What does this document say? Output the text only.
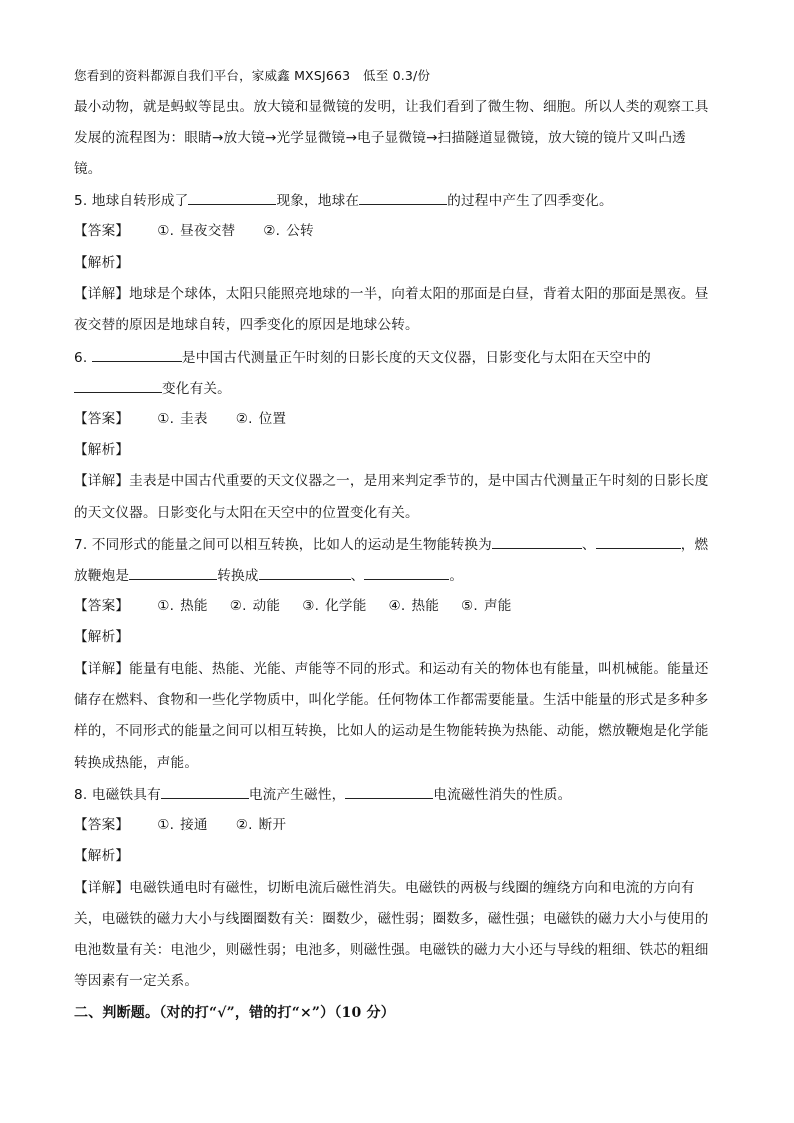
您看到的资料都源自我们平台，家威鑫 MXSJ663　低至 0.3/份
最小动物，就是蚂蚁等昆虫。放大镜和显微镜的发明，让我们看到了微生物、细胞。所以人类的观察工具
发展的流程图为：眼睛→放大镜→光学显微镜→电子显微镜→扫描隧道显微镜，放大镜的镜片又叫凸透
镜。
5. 地球自转形成了	现象，地球在	的过程中产生了四季变化。
【答案】 ①. 昼夜交替 ②. 公转
【解析】
【详解】地球是个球体，太阳只能照亮地球的一半，向着太阳的那面是白昼，背着太阳的那面是黑夜。昼
夜交替的原因是地球自转，四季变化的原因是地球公转。
6.	是中国古代测量正午时刻的日影长度的天文仪器，日影变化与太阳在天空中的
变化有关。
【答案】 ①. 圭表 ②. 位置
【解析】
【详解】圭表是中国古代重要的天文仪器之一，是用来判定季节的，是中国古代测量正午时刻的日影长度
的天文仪器。日影变化与太阳在天空中的位置变化有关。
7. 不同形式的能量之间可以相互转换，比如人的运动是生物能转换为	、	，燃
放鞭炮是	转换成	、	。
【答案】 ①. 热能 ②. 动能 ③. 化学能 ④. 热能 ⑤. 声能
【解析】
【详解】能量有电能、热能、光能、声能等不同的形式。和运动有关的物体也有能量，叫机械能。能量还
储存在燃料、食物和一些化学物质中，叫化学能。任何物体工作都需要能量。生活中能量的形式是多种多
样的，不同形式的能量之间可以相互转换，比如人的运动是生物能转换为热能、动能，燃放鞭炮是化学能
转换成热能，声能。
8. 电磁铁具有	电流产生磁性，	电流磁性消失的性质。
【答案】 ①. 接通 ②. 断开
【解析】
【详解】电磁铁通电时有磁性，切断电流后磁性消失。电磁铁的两极与线圈的缠绕方向和电流的方向有
关，电磁铁的磁力大小与线圈圈数有关：圈数少，磁性弱；圈数多，磁性强；电磁铁的磁力大小与使用的
电池数量有关：电池少，则磁性弱；电池多，则磁性强。电磁铁的磁力大小还与导线的粗细、铁芯的粗细
等因素有一定关系。
二、判断题。（对的打“√”，错的打“×”）（10 分）
